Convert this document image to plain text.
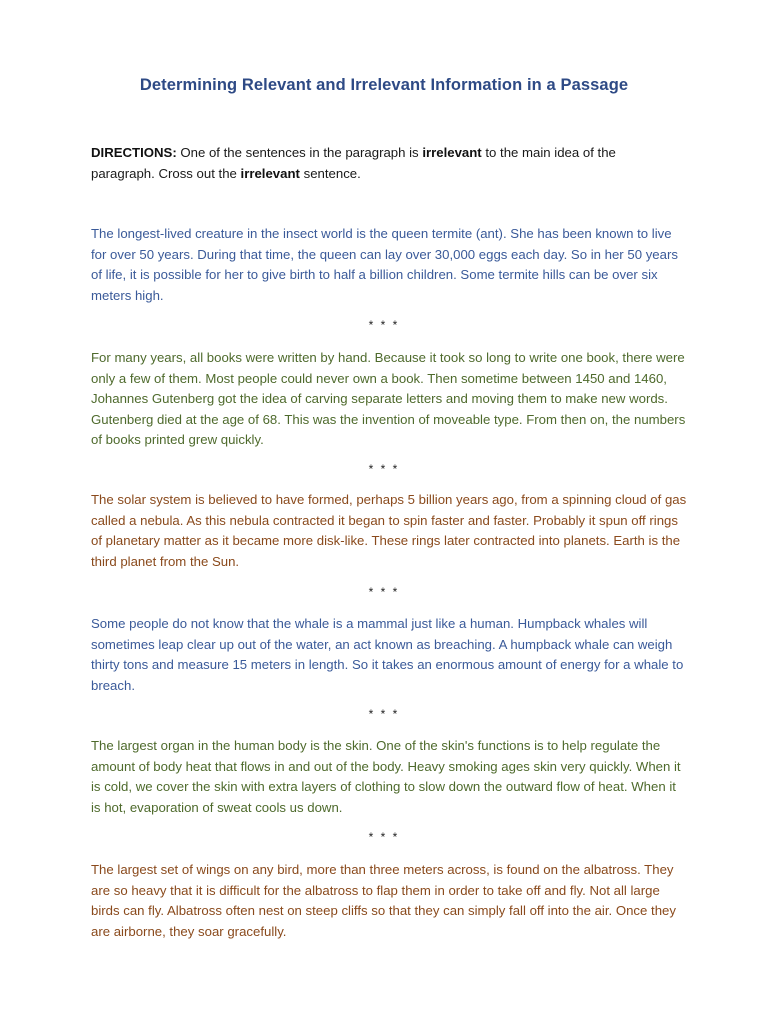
Determining Relevant and Irrelevant Information in a Passage
DIRECTIONS: One of the sentences in the paragraph is irrelevant to the main idea of the paragraph. Cross out the irrelevant sentence.

The longest-lived creature in the insect world is the queen termite (ant). She has been known to live for over 50 years. During that time, the queen can lay over 30,000 eggs each day. So in her 50 years of life, it is possible for her to give birth to half a billion children. Some termite hills can be over six meters high.

* * *

For many years, all books were written by hand. Because it took so long to write one book, there were only a few of them. Most people could never own a book. Then sometime between 1450 and 1460, Johannes Gutenberg got the idea of carving separate letters and moving them to make new words. Gutenberg died at the age of 68. This was the invention of moveable type. From then on, the numbers of books printed grew quickly.

* * *

The solar system is believed to have formed, perhaps 5 billion years ago, from a spinning cloud of gas called a nebula. As this nebula contracted it began to spin faster and faster. Probably it spun off rings of planetary matter as it became more disk-like. These rings later contracted into planets. Earth is the third planet from the Sun.

* * *

Some people do not know that the whale is a mammal just like a human. Humpback whales will sometimes leap clear up out of the water, an act known as breaching. A humpback whale can weigh thirty tons and measure 15 meters in length. So it takes an enormous amount of energy for a whale to breach.

* * *

The largest organ in the human body is the skin. One of the skin's functions is to help regulate the amount of body heat that flows in and out of the body. Heavy smoking ages skin very quickly. When it is cold, we cover the skin with extra layers of clothing to slow down the outward flow of heat. When it is hot, evaporation of sweat cools us down.

* * *

The largest set of wings on any bird, more than three meters across, is found on the albatross. They are so heavy that it is difficult for the albatross to flap them in order to take off and fly. Not all large birds can fly. Albatross often nest on steep cliffs so that they can simply fall off into the air. Once they are airborne, they soar gracefully.
